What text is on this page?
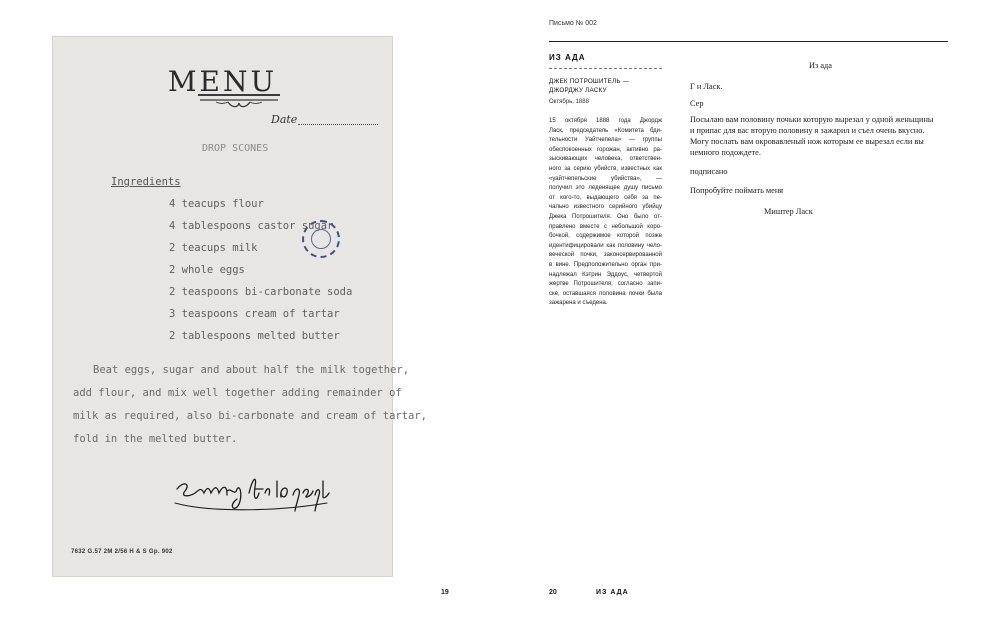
MENU
Date
DROP SCONES
Ingredients
4 teacups flour
4 tablespoons castor sugar
2 teacups milk
2 whole eggs
2 teaspoons bi-carbonate soda
3 teaspoons cream of tartar
2 tablespoons melted butter
Beat eggs, sugar and about half the milk together,
add flour, and mix well together adding remainder of
milk as required, also bi-carbonate and cream of tartar,
fold in the melted butter.
7632 G.57 2M 2/56 H & S Gp. 902
19
Письмо № 002
ИЗ АДА
ДЖЕК ПОТРОШИТЕЛЬ —
ДЖОРДЖУ ЛАСКУ
Октябрь, 1888
15 октября 1888 года Джордж
Ласк, председатель «Комитета бди-
тельности Уайтчепела» — группы
обеспокоенных горожан, активно ра-
зыскивающих человека, ответствен-
ного за серию убийств, известных как
«уайтчепельские убийства», —
получил это леденящее душу письмо
от кого-то, выдающего себя за пе-
чально известного серийного убийцу
Джека Потрошителя. Оно было от-
правлено вместе с небольшой коро-
бочкой, содержимое которой позже
идентифицировали как половину чело-
веческой почки, законсервированной
в вине. Предположительно орган при-
надлежал Кэтрин Эддоус, четвертой
жертве Потрошителя; согласно запи-
ске, оставшаяся половина почки была
зажарена и съедена.
Из ада
Г н Ласк.
Сер
Посылаю вам половину почьки которую вырезал у одной женьщины
и припас для вас вторую половину я зажарил и съел очень вкусно.
Могу послать вам окровавленый нож которым ее вырезал если вы
немного подождете.
подписано
Попробуйте поймать меня
Миштер Ласк
20	ИЗ АДА
